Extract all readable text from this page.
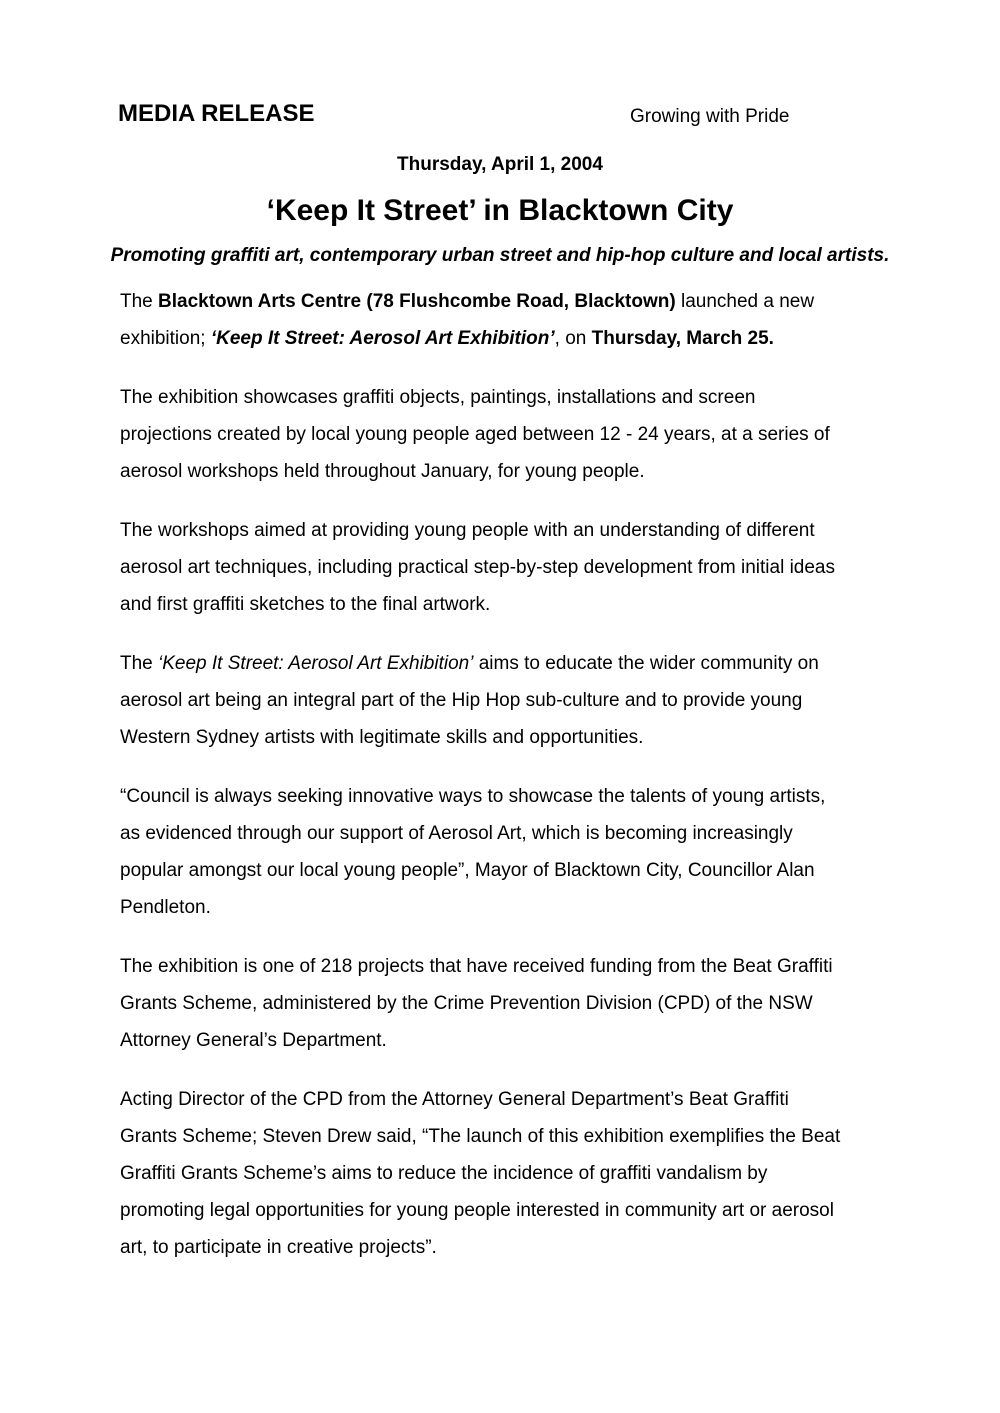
MEDIA RELEASE	Growing with Pride
Thursday, April 1, 2004
‘Keep It Street’ in Blacktown City
Promoting graffiti art, contemporary urban street and hip-hop culture and local artists.

The Blacktown Arts Centre (78 Flushcombe Road, Blacktown) launched a new
exhibition; ‘Keep It Street: Aerosol Art Exhibition’, on Thursday, March 25.

The exhibition showcases graffiti objects, paintings, installations and screen
projections created by local young people aged between 12 - 24 years, at a series of
aerosol workshops held throughout January, for young people.

The workshops aimed at providing young people with an understanding of different
aerosol art techniques, including practical step-by-step development from initial ideas
and first graffiti sketches to the final artwork.

The ‘Keep It Street: Aerosol Art Exhibition’ aims to educate the wider community on
aerosol art being an integral part of the Hip Hop sub-culture and to provide young
Western Sydney artists with legitimate skills and opportunities.

“Council is always seeking innovative ways to showcase the talents of young artists,
as evidenced through our support of Aerosol Art, which is becoming increasingly
popular amongst our local young people”, Mayor of Blacktown City, Councillor Alan
Pendleton.

The exhibition is one of 218 projects that have received funding from the Beat Graffiti
Grants Scheme, administered by the Crime Prevention Division (CPD) of the NSW
Attorney General’s Department.

Acting Director of the CPD from the Attorney General Department’s Beat Graffiti
Grants Scheme; Steven Drew said, “The launch of this exhibition exemplifies the Beat
Graffiti Grants Scheme’s aims to reduce the incidence of graffiti vandalism by
promoting legal opportunities for young people interested in community art or aerosol
art, to participate in creative projects”.
